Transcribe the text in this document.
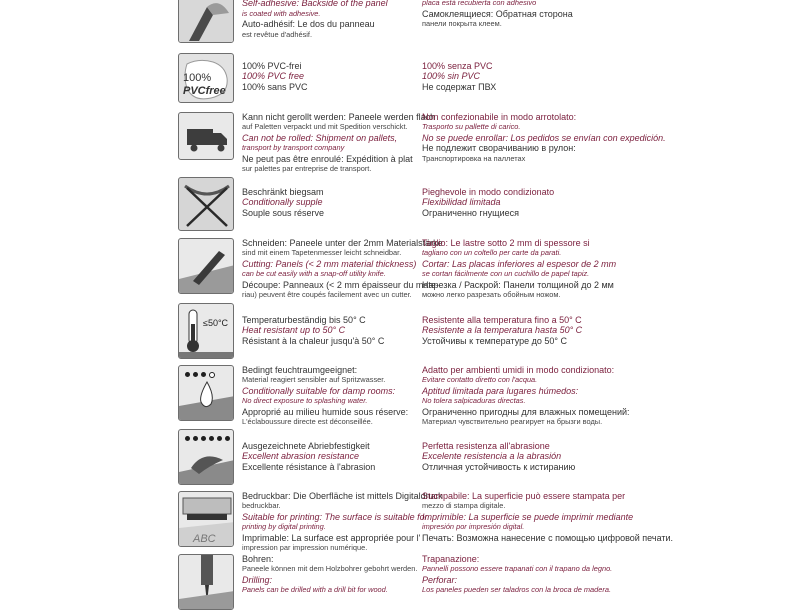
Self-adhesive: Backside of the panel
is coated with adhesive.
Auto-adhésif: Le dos du panneau
est revêtue d'adhésif.
placa está recubierta con adhesivo
Самоклеящиеся: Обратная сторона
панели покрыта клеем.
100%
PVCfree
100% PVC-frei
100% PVC free
100% sans PVC
100% senza PVC
100% sin PVC
Не содержат ПВХ
Kann nicht gerollt werden: Paneele werden flach
auf Paletten verpackt und mit Spedition verschickt.
Can not be rolled: Shipment on pallets,
transport by transport company
Ne peut pas être enroulé: Expédition à plat
sur palettes par entreprise de transport.
Non confezionabile in modo arrotolato:
Trasporto su pallette di carico.
No se puede enrollar: Los pedidos se envían con expedición.
Не подлежит сворачиванию в рулон:
Транспортировка на паллетах
Beschränkt biegsam
Conditionally supple
Souple sous réserve
Pieghevole in modo condizionato
Flexibilidad limitada
Ограниченно гнущиеся
Schneiden: Paneele unter der 2mm Materialstärke
sind mit einem Tapetenmesser leicht schneidbar.
Cutting: Panels (< 2 mm material thickness)
can be cut easily with a snap-off utility knife.
Découpe: Panneaux (< 2 mm épaisseur du mate-
riau) peuvent être coupés facilement avec un cutter.
Taglio: Le lastre sotto 2 mm di spessore si
tagliano con un coltello per carte da parati.
Cortar: Las placas inferiores al espesor de 2 mm
se cortan fácilmente con un cuchillo de papel tapiz.
Нарезка / Раскрой: Панели толщиной до 2 мм
можно легко разрезать обойным ножом.
≤50°C Temperaturbeständig bis 50° C
Heat resistant up to 50° C
Résistant à la chaleur jusqu'à 50° C
Resistente alla temperatura fino a 50° C
Resistente a la temperatura hasta 50° C
Устойчивы к температуре до 50° C
Bedingt feuchtraumgeeignet:
Material reagiert sensibler auf Spritzwasser.
Conditionally suitable for damp rooms:
No direct exposure to splashing water.
Approprié au milieu humide sous réserve:
L'éclaboussure directe est déconseillée.
Adatto per ambienti umidi in modo condizionato:
Evitare contatto diretto con l'acqua.
Aptitud limitada para lugares húmedos:
No tolera salpicaduras directas.
Ограниченно пригодны для влажных помещений:
Материал чувствительно реагирует на брызги воды.
Ausgezeichnete Abriebfestigkeit
Excellent abrasion resistance
Excellente résistance à l'abrasion
Perfetta resistenza all'abrasione
Excelente resistencia a la abrasión
Отличная устойчивость к истиранию
ABC
Bedruckbar: Die Oberfläche ist mittels Digitaldruck
bedruckbar.
Suitable for printing: The surface is suitable for
printing by digital printing.
Imprimable: La surface est appropriée pour l'
impression par impression numérique.
Stampabile: La superficie può essere stampata per
mezzo di stampa digitale.
Imprimible: La superficie se puede imprimir mediante
impresión por impresión digital.
Печать: Возможна нанесение с помощью цифровой печати.
Bohren:
Paneele können mit dem Holzbohrer gebohrt werden.
Drilling:
Panels can be drilled with a drill bit for wood.
Trapanazione:
Pannelli possono essere trapanati con il trapano da legno.
Perforar:
Los paneles pueden ser taladros con la broca de madera.
